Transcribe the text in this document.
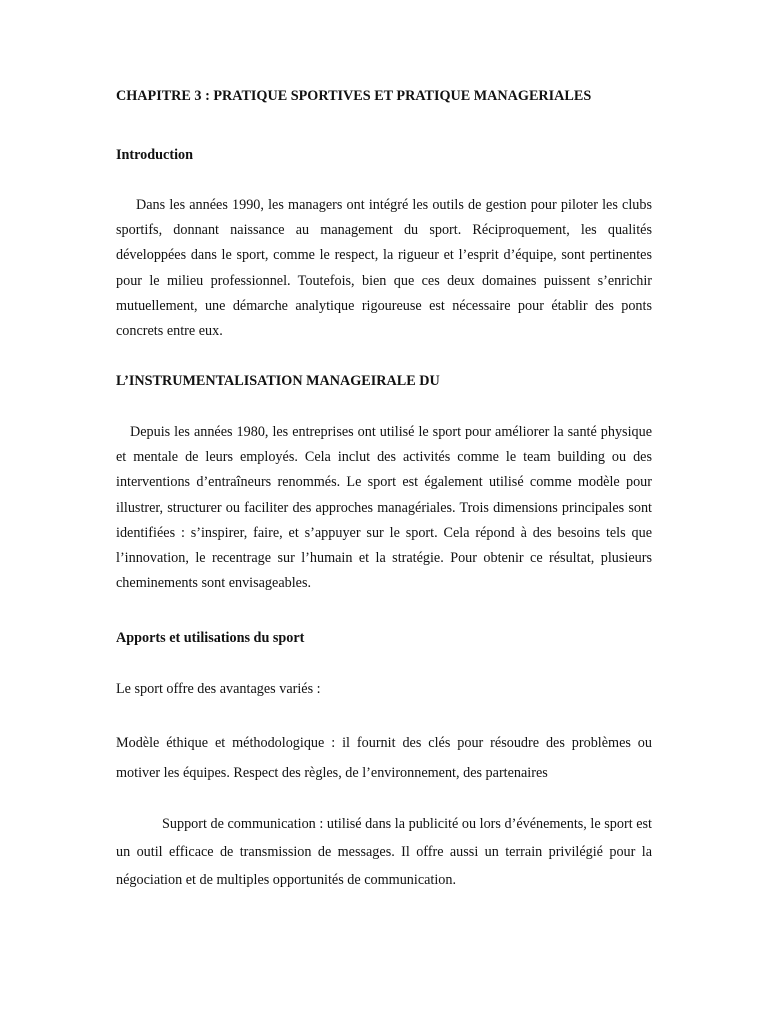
CHAPITRE 3 : PRATIQUE SPORTIVES ET PRATIQUE MANAGERIALES
Introduction

Dans les années 1990, les managers ont intégré les outils de gestion pour piloter les clubs sportifs, donnant naissance au management du sport. Réciproquement, les qualités développées dans le sport, comme le respect, la rigueur et l’esprit d’équipe, sont pertinentes pour le milieu professionnel. Toutefois, bien que ces deux domaines puissent s’enrichir mutuellement, une démarche analytique rigoureuse est nécessaire pour établir des ponts concrets entre eux.

L’INSTRUMENTALISATION MANAGEIRALE DU

Depuis les années 1980, les entreprises ont utilisé le sport pour améliorer la santé physique et mentale de leurs employés. Cela inclut des activités comme le team building ou des interventions d’entraîneurs renommés. Le sport est également utilisé comme modèle pour illustrer, structurer ou faciliter des approches managériales. Trois dimensions principales sont identifiées : s’inspirer, faire, et s’appuyer sur le sport. Cela répond à des besoins tels que l’innovation, le recentrage sur l’humain et la stratégie. Pour obtenir ce résultat, plusieurs cheminements sont envisageables.

Apports et utilisations du sport
Le sport offre des avantages variés :

Modèle éthique et méthodologique : il fournit des clés pour résoudre des problèmes ou motiver les équipes. Respect des règles, de l’environnement, des partenaires

Support de communication : utilisé dans la publicité ou lors d’événements, le sport est un outil efficace de transmission de messages. Il offre aussi un terrain privilégié pour la négociation et de multiples opportunités de communication.
